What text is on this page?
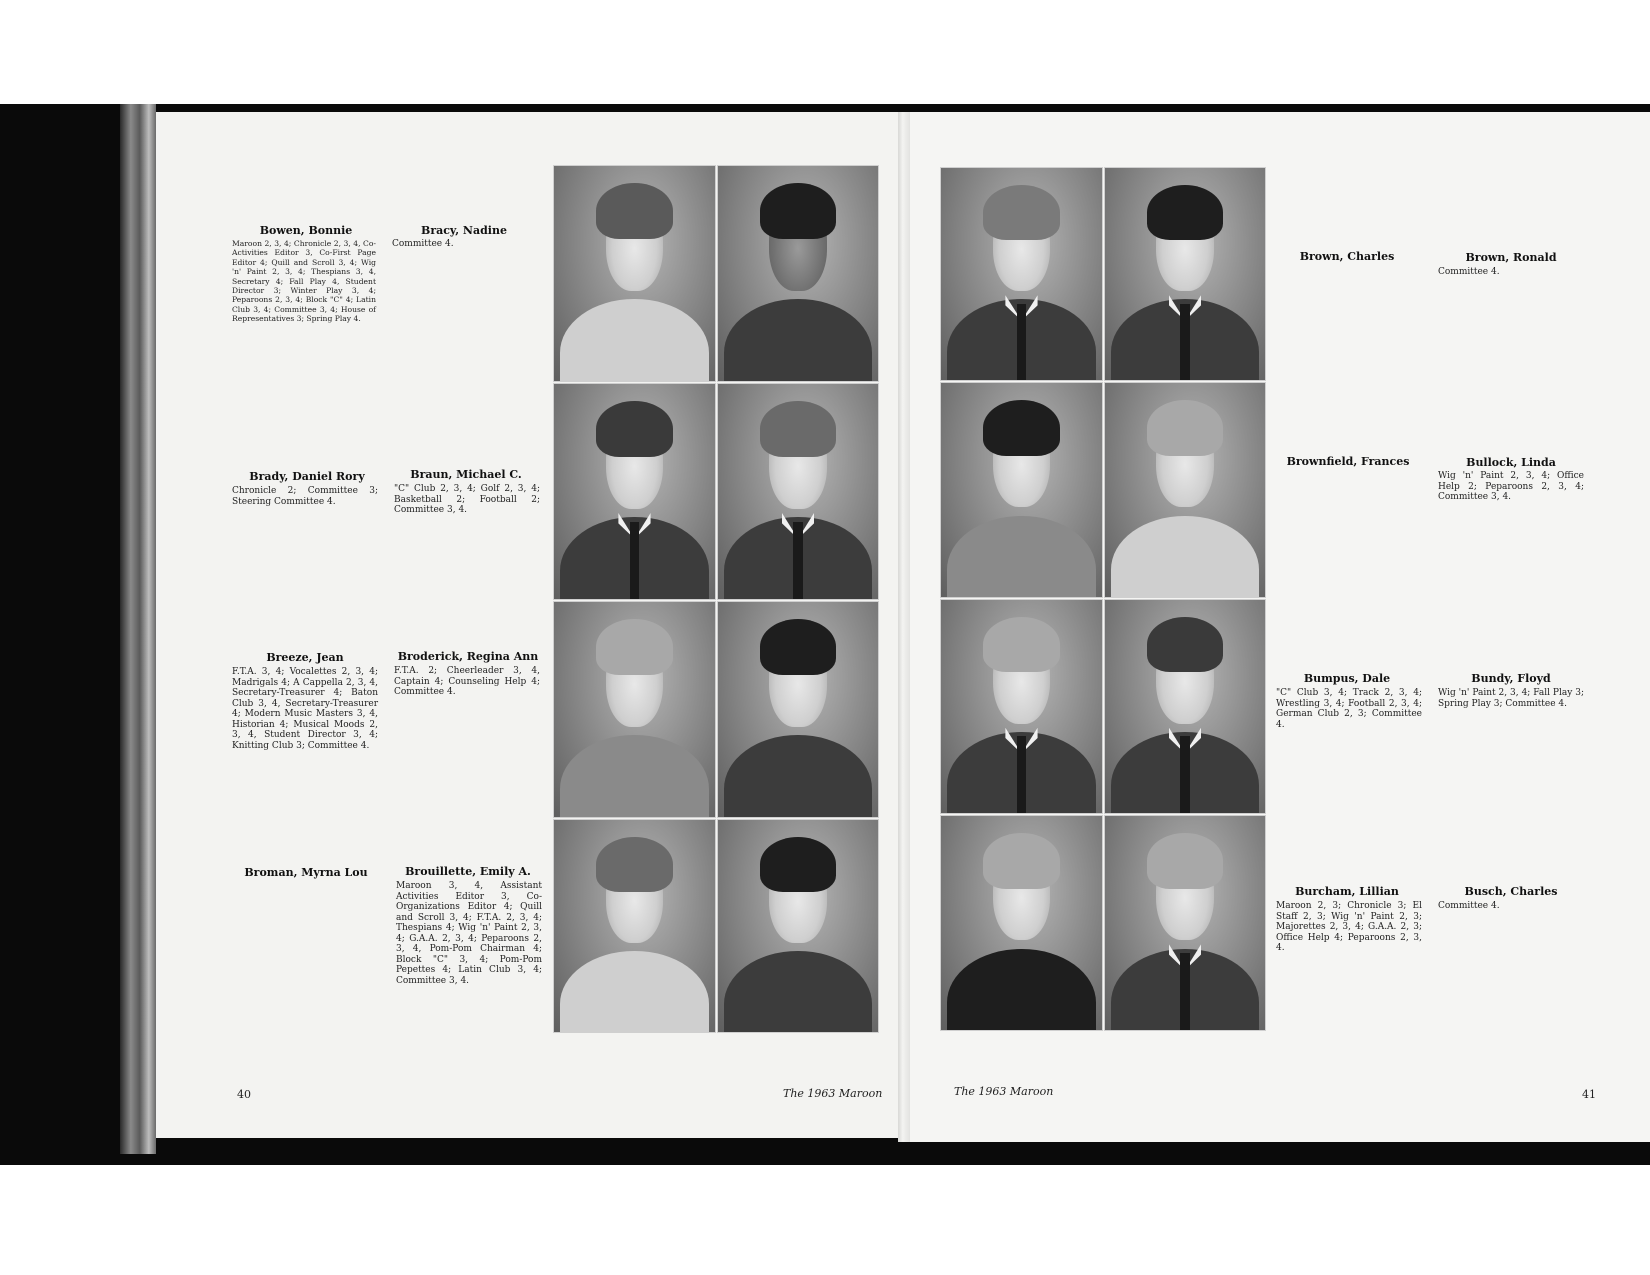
Bowen, Bonnie
Maroon 2, 3, 4; Chronicle 2, 3, 4, Co-Activities Editor 3, Co-First Page Editor 4; Quill and Scroll 3, 4; Wig 'n' Paint 2, 3, 4; Thespians 3, 4, Secretary 4; Fall Play 4, Student Director 3; Winter Play 3, 4; Peparoons 2, 3, 4; Block "C" 4; Latin Club 3, 4; Committee 3, 4; House of Representatives 3; Spring Play 4.
Bracy, Nadine
Committee 4.
Brady, Daniel Rory
Chronicle 2; Committee 3; Steering Committee 4.
Braun, Michael C.
"C" Club 2, 3, 4; Golf 2, 3, 4; Basketball 2; Football 2; Committee 3, 4.
Breeze, Jean
F.T.A. 3, 4; Vocalettes 2, 3, 4; Madrigals 4; A Cappella 2, 3, 4, Secretary-Treasurer 4; Baton Club 3, 4, Secretary-Treasurer 4; Modern Music Masters 3, 4, Historian 4; Musical Moods 2, 3, 4, Student Director 3, 4; Knitting Club 3; Committee 4.
Broderick, Regina Ann
F.T.A. 2; Cheerleader 3, 4, Captain 4; Counseling Help 4; Committee 4.
Broman, Myrna Lou	Brouillette, Emily A.
Maroon 3, 4, Assistant Activities Editor 3, Co-Organizations Editor 4; Quill and Scroll 3, 4; F.T.A. 2, 3, 4; Thespians 4; Wig 'n' Paint 2, 3, 4; G.A.A. 2, 3, 4; Peparoons 2, 3, 4, Pom-Pom Chairman 4; Block "C" 3, 4; Pom-Pom Pepettes 4; Latin Club 3, 4; Committee 3, 4.
Brown, Charles	Brown, Ronald
Committee 4.
Brownfield, Frances	Bullock, Linda
Wig 'n' Paint 2, 3, 4; Office Help 2; Peparoons 2, 3, 4; Committee 3, 4.
Bumpus, Dale
"C" Club 3, 4; Track 2, 3, 4; Wrestling 3, 4; Football 2, 3, 4; German Club 2, 3; Committee 4.
Bundy, Floyd
Wig 'n' Paint 2, 3, 4; Fall Play 3; Spring Play 3; Committee 4.
Burcham, Lillian
Maroon 2, 3; Chronicle 3; El Staff 2, 3; Wig 'n' Paint 2, 3; Majorettes 2, 3, 4; G.A.A. 2, 3; Office Help 4; Peparoons 2, 3, 4.
Busch, Charles
Committee 4.
40	The 1963 Maroon	The 1963 Maroon	41
